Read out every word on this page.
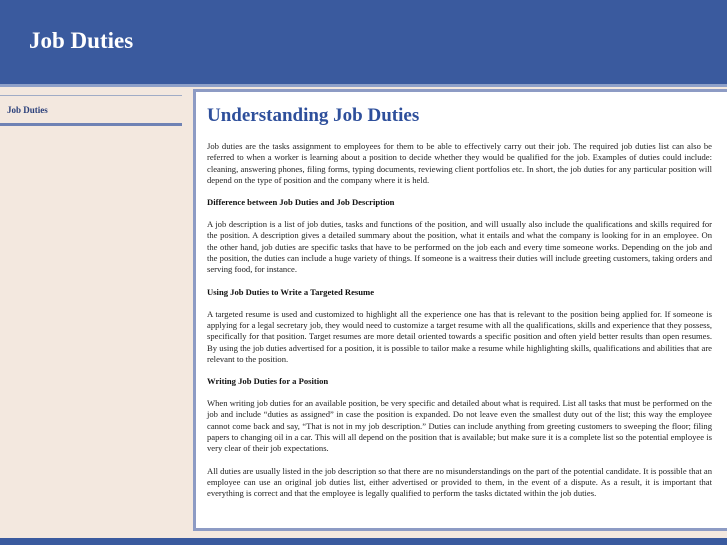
Job Duties
Job Duties	Understanding Job Duties

Job duties are the tasks assignment to employees for them to be able to effectively carry out their job. The required job duties list can also be referred to when a worker is learning about a position to decide whether they would be qualified for the job. Examples of duties could include: cleaning, answering phones, filing forms, typing documents, reviewing client portfolios etc. In short, the job duties for any particular position will depend on the type of position and the company where it is held.

Difference between Job Duties and Job Description

A job description is a list of job duties, tasks and functions of the position, and will usually also include the qualifications and skills required for the position. A description gives a detailed summary about the position, what it entails and what the company is looking for in an employee. On the other hand, job duties are specific tasks that have to be performed on the job each and every time someone works. Depending on the job and the position, the duties can include a huge variety of things. If someone is a waitress their duties will include greeting customers, taking orders and serving food, for instance.

Using Job Duties to Write a Targeted Resume

A targeted resume is used and customized to highlight all the experience one has that is relevant to the position being applied for. If someone is applying for a legal secretary job, they would need to customize a target resume with all the qualifications, skills and experience that they possess, specifically for that position. Target resumes are more detail oriented towards a specific position and often yield better results than open resumes. By using the job duties advertised for a position, it is possible to tailor make a resume while highlighting skills, qualifications and abilities that are relevant to the position.

Writing Job Duties for a Position

When writing job duties for an available position, be very specific and detailed about what is required. List all tasks that must be performed on the job and include “duties as assigned” in case the position is expanded. Do not leave even the smallest duty out of the list; this way the employee cannot come back and say, “That is not in my job description.” Duties can include anything from greeting customers to sweeping the floor; filing papers to changing oil in a car. This will all depend on the position that is available; but make sure it is a complete list so the potential employee is very clear of their job expectations.

All duties are usually listed in the job description so that there are no misunderstandings on the part of the potential candidate. It is possible that an employee can use an original job duties list, either advertised or provided to them, in the event of a dispute. As a result, it is important that everything is correct and that the employee is legally qualified to perform the tasks dictated within the job duties.
